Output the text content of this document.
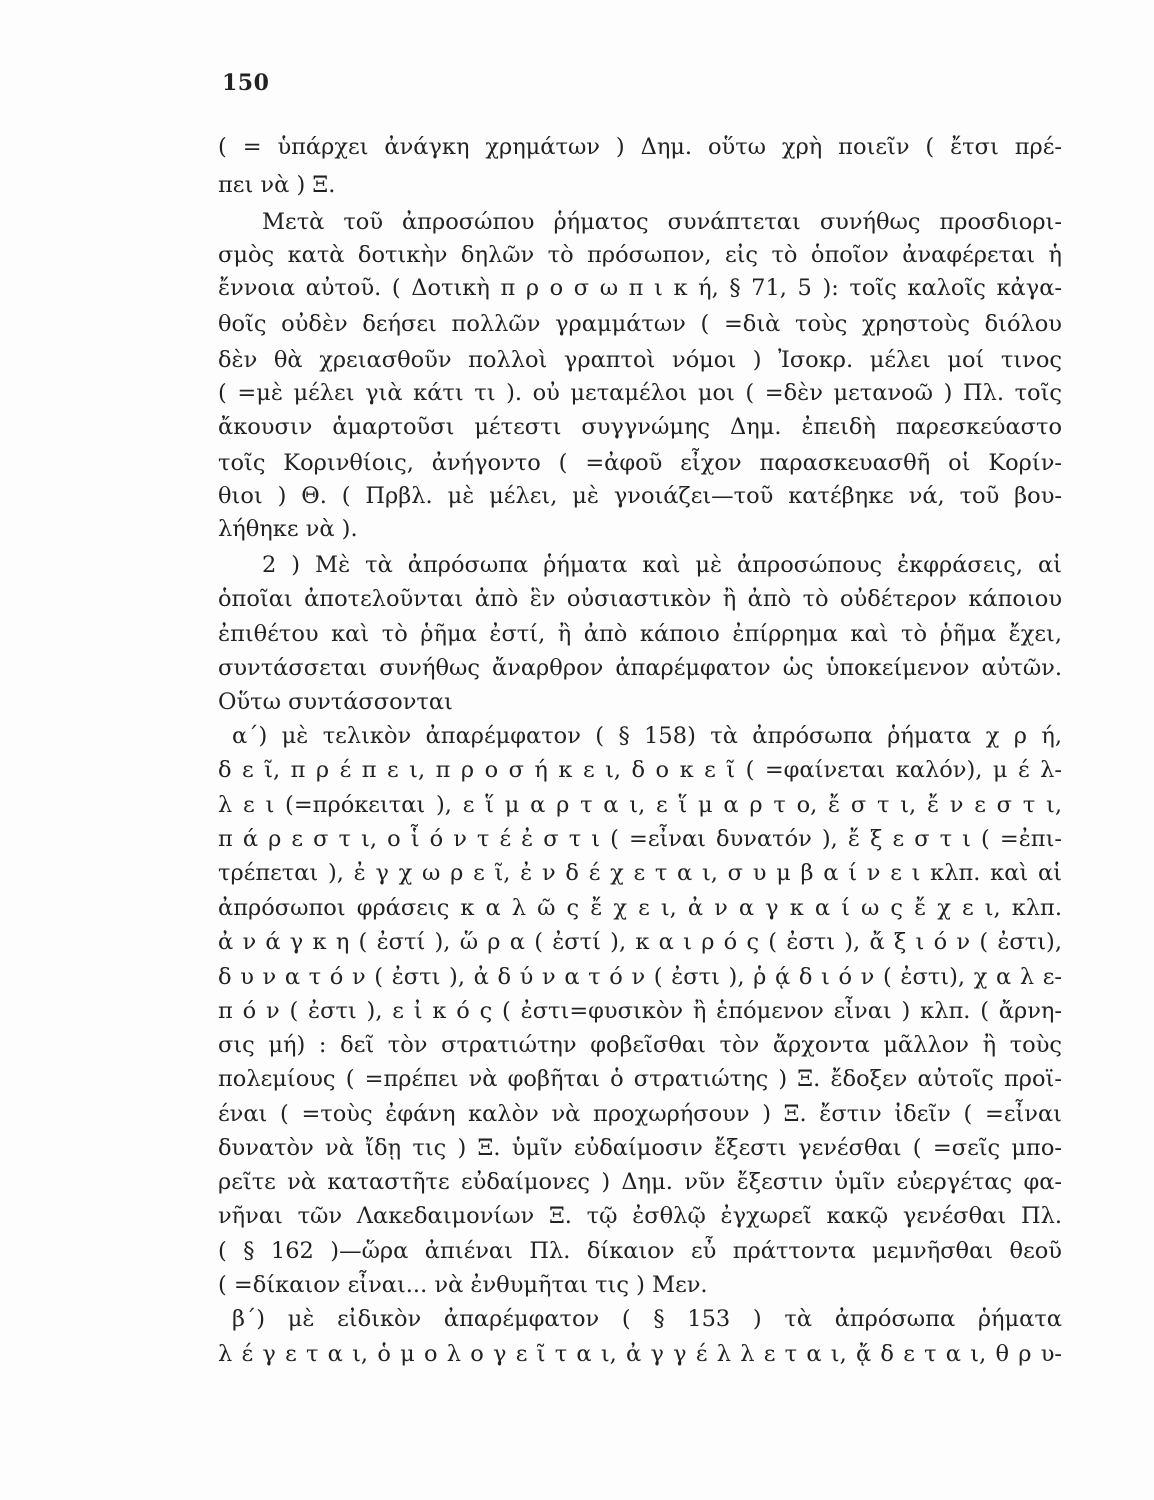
150
( = ὑπάρχει ἀνάγκη χρημάτων ) Δημ. οὕτω χρὴ ποιεῖν ( ἔτσι πρέ-
πει νὰ ) Ξ.
Μετὰ τοῦ ἀπροσώπου ῥήματος συνάπτεται συνήθως προσδιορι-
σμὸς κατὰ δοτικὴν δηλῶν τὸ πρόσωπον, εἰς τὸ ὁποῖον ἀναφέρεται ἡ
ἔννοια αὐτοῦ. ( Δοτικὴ π ρ ο σ ω π ι κ ή, § 71, 5 ): τοῖς καλοῖς κἀγα-
θοῖς οὐδὲν δεήσει πολλῶν γραμμάτων ( =διὰ τοὺς χρηστοὺς διόλου
δὲν θὰ χρειασθοῦν πολλοὶ γραπτοὶ νόμοι ) Ἰσοκρ. μέλει μοί τινος
( =μὲ μέλει γιὰ κάτι τι ). οὐ μεταμέλοι μοι ( =δὲν μετανοῶ ) Πλ. τοῖς
ἄκουσιν ἁμαρτοῦσι μέτεστι συγγνώμης Δημ. ἐπειδὴ παρεσκεύαστο
τοῖς Κορινθίοις, ἀνήγοντο ( =ἀφοῦ εἶχον παρασκευασθῆ οἱ Κορίν-
θιοι ) Θ. ( Πρβλ. μὲ μέλει, μὲ γνοιάζει—τοῦ κατέβηκε νά, τοῦ βου-
λήθηκε νὰ ).
2 ) Μὲ τὰ ἀπρόσωπα ῥήματα καὶ μὲ ἀπροσώπους ἐκφράσεις, αἱ
ὁποῖαι ἀποτελοῦνται ἀπὸ ἓν οὐσιαστικὸν ἢ ἀπὸ τὸ οὐδέτερον κάποιου
ἐπιθέτου καὶ τὸ ῥῆμα ἐστί, ἢ ἀπὸ κάποιο ἐπίρρημα καὶ τὸ ῥῆμα ἔχει,
συντάσσεται συνήθως ἄναρθρον ἀπαρέμφατον ὡς ὑποκείμενον αὐτῶν.
Οὕτω συντάσσονται
α΄) μὲ τελικὸν ἀπαρέμφατον ( § 158) τὰ ἀπρόσωπα ῥήματα χ ρ ή,
δ ε ῖ, π ρ έ π ε ι, π ρ ο σ ή κ ε ι, δ ο κ ε ῖ ( =φαίνεται καλόν), μ έ λ-
λ ε ι (=πρόκειται ), ε ἵ μ α ρ τ α ι, ε ἵ μ α ρ τ ο, ἔ σ τ ι, ἔ ν ε σ τ ι,
π ά ρ ε σ τ ι, ο ἷ ό ν τ έ ἐ σ τ ι ( =εἶναι δυνατόν ), ἔ ξ ε σ τ ι ( =ἐπι-
τρέπεται ), ἐ γ χ ω ρ ε ῖ, ἐ ν δ έ χ ε τ α ι, σ υ μ β α ί ν ε ι κλπ. καὶ αἱ
ἀπρόσωποι φράσεις κ α λ ῶ ς ἔ χ ε ι, ἀ ν α γ κ α ί ω ς ἔ χ ε ι, κλπ.
ἀ ν ά γ κ η ( ἐστί ), ὥ ρ α ( ἐστί ), κ α ι ρ ό ς ( ἐστι ), ἄ ξ ι ό ν ( ἐστι),
δ υ ν α τ ό ν ( ἐστι ), ἀ δ ύ ν α τ ό ν ( ἐστι ), ῥ ᾴ δ ι ό ν ( ἐστι), χ α λ ε-
π ό ν ( ἐστι ), ε ἰ κ ό ς ( ἐστι=φυσικὸν ἢ ἑπόμενον εἶναι ) κλπ. ( ἄρνη-
σις μή) : δεῖ τὸν στρατιώτην φοβεῖσθαι τὸν ἄρχοντα μᾶλλον ἢ τοὺς
πολεμίους ( =πρέπει νὰ φοβῆται ὁ στρατιώτης ) Ξ. ἔδοξεν αὐτοῖς προϊ-
έναι ( =τοὺς ἐφάνη καλὸν νὰ προχωρήσουν ) Ξ. ἔστιν ἰδεῖν ( =εἶναι
δυνατὸν νὰ ἴδῃ τις ) Ξ. ὑμῖν εὐδαίμοσιν ἔξεστι γενέσθαι ( =σεῖς μπο-
ρεῖτε νὰ καταστῆτε εὐδαίμονες ) Δημ. νῦν ἔξεστιν ὑμῖν εὐεργέτας φα-
νῆναι τῶν Λακεδαιμονίων Ξ. τῷ ἐσθλῷ ἐγχωρεῖ κακῷ γενέσθαι Πλ.
( § 162 )—ὥρα ἀπιέναι Πλ. δίκαιον εὖ πράττοντα μεμνῆσθαι θεοῦ
( =δίκαιον εἶναι... νὰ ἐνθυμῆται τις ) Μεν.
β΄) μὲ εἰδικὸν ἀπαρέμφατον ( § 153 ) τὰ ἀπρόσωπα ῥήματα
λ έ γ ε τ α ι, ὁ μ ο λ ο γ ε ῖ τ α ι, ἀ γ γ έ λ λ ε τ α ι, ᾄ δ ε τ α ι, θ ρ υ-
